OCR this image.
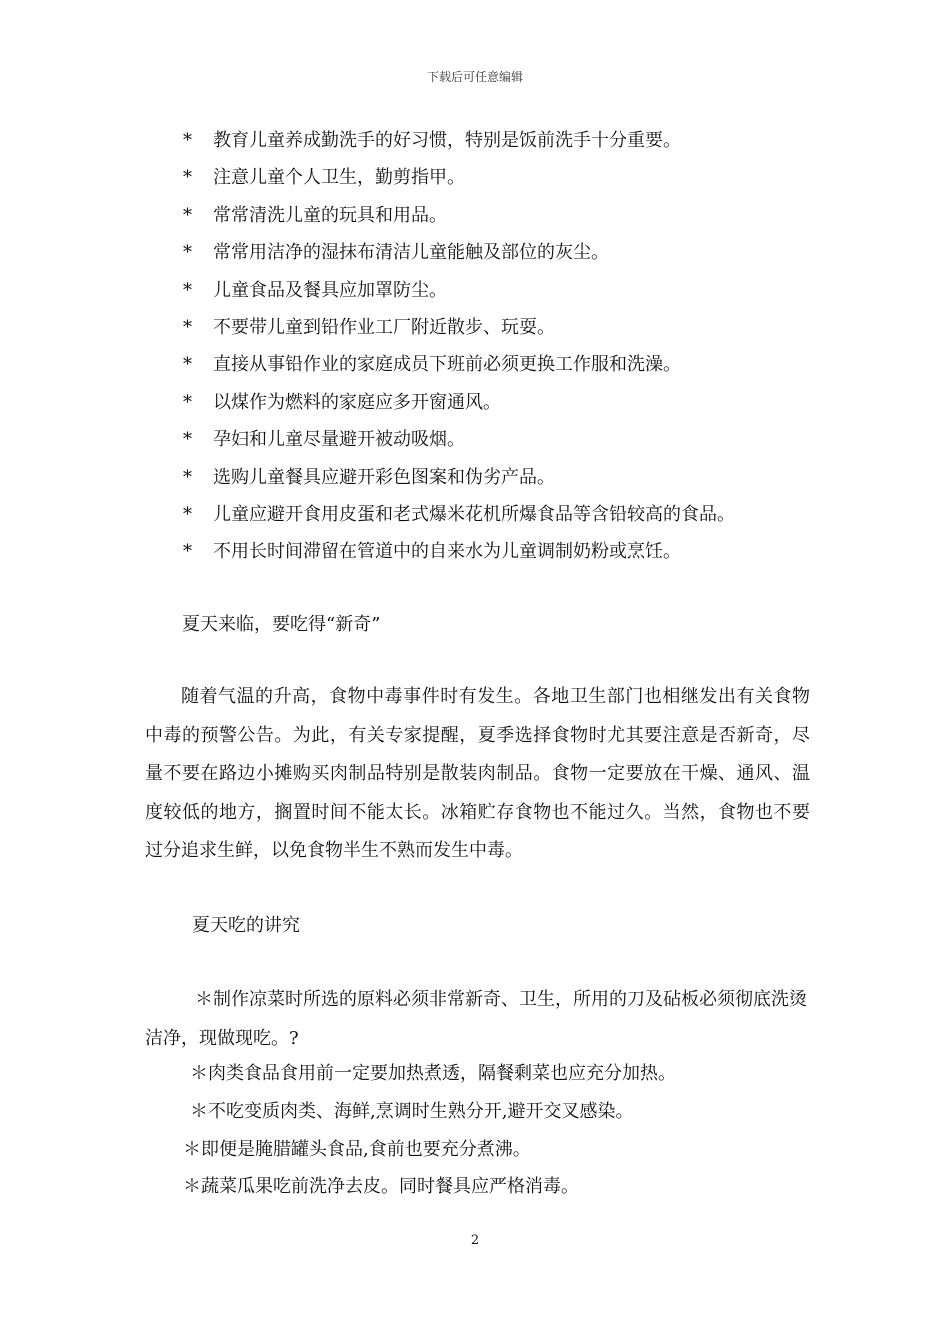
下载后可任意编辑
* 教育儿童养成勤洗手的好习惯，特别是饭前洗手十分重要。
* 注意儿童个人卫生，勤剪指甲。
* 常常清洗儿童的玩具和用品。
* 常常用洁净的湿抹布清洁儿童能触及部位的灰尘。
* 儿童食品及餐具应加罩防尘。
* 不要带儿童到铅作业工厂附近散步、玩耍。
* 直接从事铅作业的家庭成员下班前必须更换工作服和洗澡。
* 以煤作为燃料的家庭应多开窗通风。
* 孕妇和儿童尽量避开被动吸烟。
* 选购儿童餐具应避开彩色图案和伪劣产品。
* 儿童应避开食用皮蛋和老式爆米花机所爆食品等含铅较高的食品。
* 不用长时间滞留在管道中的自来水为儿童调制奶粉或烹饪。
夏天来临，要吃得“新奇”
随着气温的升高，食物中毒事件时有发生。各地卫生部门也相继发出有关食物中毒的预警公告。为此，有关专家提醒，夏季选择食物时尤其要注意是否新奇，尽量不要在路边小摊购买肉制品特别是散装肉制品。食物一定要放在干燥、通风、温度较低的地方，搁置时间不能太长。冰箱贮存食物也不能过久。当然，食物也不要过分追求生鲜，以免食物半生不熟而发生中毒。
夏天吃的讲究
＊制作凉菜时所选的原料必须非常新奇、卫生，所用的刀及砧板必须彻底洗烫洁净，现做现吃。?
＊肉类食品食用前一定要加热煮透，隔餐剩菜也应充分加热。
＊不吃变质肉类、海鲜,烹调时生熟分开,避开交叉感染。
＊即便是腌腊罐头食品,食前也要充分煮沸。
＊蔬菜瓜果吃前洗净去皮。同时餐具应严格消毒。
2
